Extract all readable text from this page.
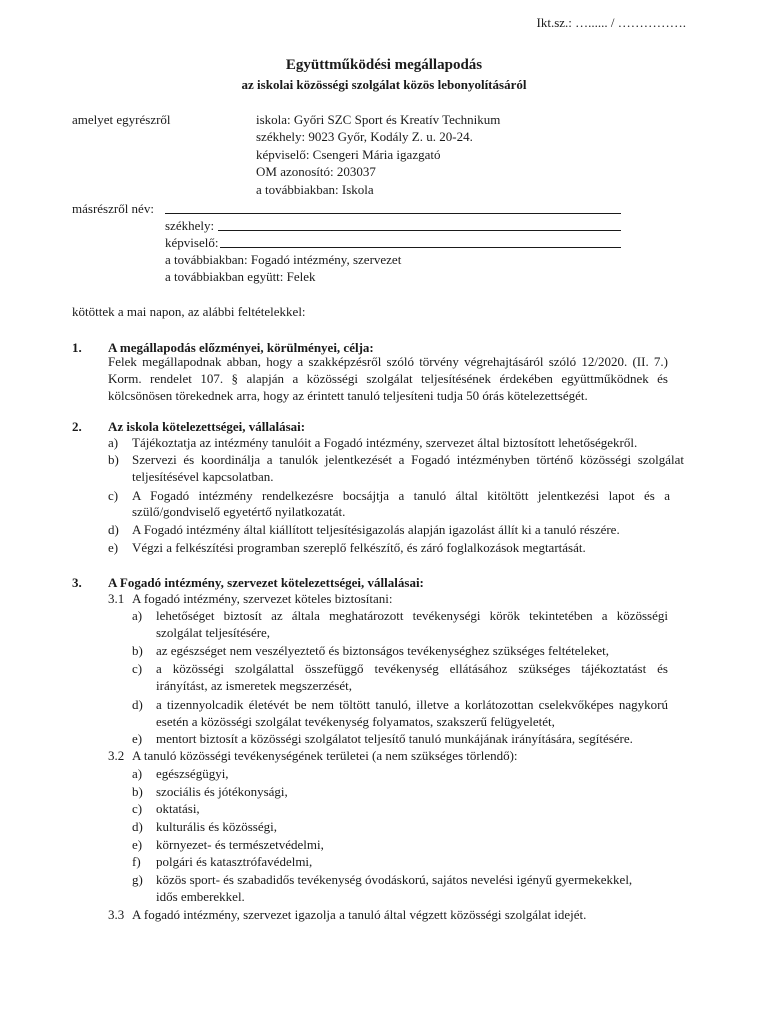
Ikt.sz.: …...... / …………….
Együttműködési megállapodás
az iskolai közösségi szolgálat közös lebonyolításáról
amelyet egyrészről	iskola: Győri SZC Sport és Kreatív Technikum
székhely: 9023 Győr, Kodály Z. u. 20-24.
képviselő: Csengeri Mária igazgató
OM azonosító: 203037
a továbbiakban: Iskola
másrészről név:
székhely:
képviselő:
a továbbiakban: Fogadó intézmény, szervezet
a továbbiakban együtt: Felek
kötöttek a mai napon, az alábbi feltételekkel:
1. A megállapodás előzményei, körülményei, célja:
Felek megállapodnak abban, hogy a szakképzésről szóló törvény végrehajtásáról szóló 12/2020. (II. 7.)
Korm. rendelet 107. § alapján a közösségi szolgálat teljesítésének érdekében együttműködnek és
kölcsönösen törekednek arra, hogy az érintett tanuló teljesíteni tudja 50 órás kötelezettségét.
2. Az iskola kötelezettségei, vállalásai:
a) Tájékoztatja az intézmény tanulóit a Fogadó intézmény, szervezet által biztosított lehetőségekről.
b) Szervezi és koordinálja a tanulók jelentkezését a Fogadó intézményben történő közösségi szolgálat
teljesítésével kapcsolatban.
c) A Fogadó intézmény rendelkezésre bocsájtja a tanuló által kitöltött jelentkezési lapot és a
szülő/gondviselő egyetértő nyilatkozatát.
d) A Fogadó intézmény által kiállított teljesítésigazolás alapján igazolást állít ki a tanuló részére.
e) Végzi a felkészítési programban szereplő felkészítő, és záró foglalkozások megtartását.
3. A Fogadó intézmény, szervezet kötelezettségei, vállalásai:
3.1 A fogadó intézmény, szervezet köteles biztosítani:
a) lehetőséget biztosít az általa meghatározott tevékenységi körök tekintetében a közösségi
szolgálat teljesítésére,
b) az egészséget nem veszélyeztető és biztonságos tevékenységhez szükséges feltételeket,
c) a közösségi szolgálattal összefüggő tevékenység ellátásához szükséges tájékoztatást és
irányítást, az ismeretek megszerzését,
d) a tizennyolcadik életévét be nem töltött tanuló, illetve a korlátozottan cselekvőképes nagykorú
esetén a közösségi szolgálat tevékenység folyamatos, szakszerű felügyeletét,
e) mentort biztosít a közösségi szolgálatot teljesítő tanuló munkájának irányítására, segítésére.
3.2 A tanuló közösségi tevékenységének területei (a nem szükséges törlendő):
a) egészségügyi,
b) szociális és jótékonysági,
c) oktatási,
d) kulturális és közösségi,
e) környezet- és természetvédelmi,
f) polgári és katasztrófavédelmi,
g) közös sport- és szabadidős tevékenység óvodáskorú, sajátos nevelési igényű gyermekekkel,
idős emberekkel.
3.3 A fogadó intézmény, szervezet igazolja a tanuló által végzett közösségi szolgálat idejét.
